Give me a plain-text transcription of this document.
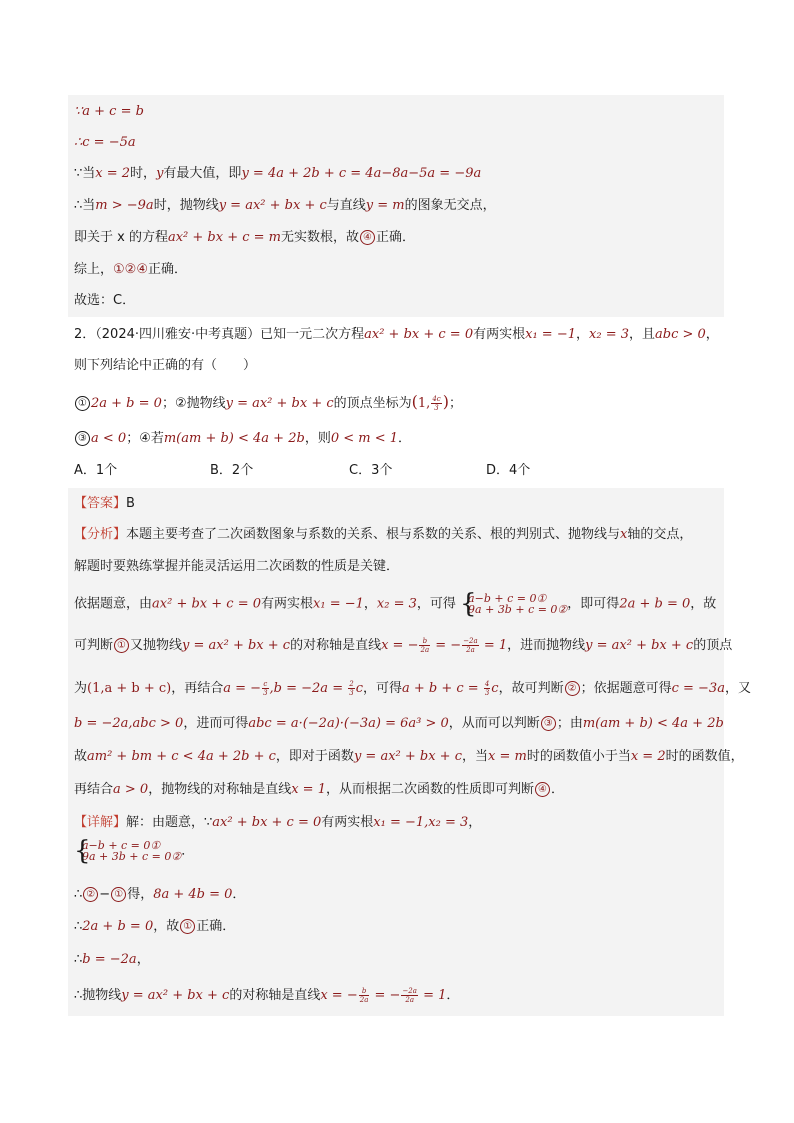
∵a + c = b
∴c = −5a
∵当x = 2时，y有最大值，即y = 4a + 2b + c = 4a−8a−5a = −9a
∴当m > −9a时，抛物线y = ax² + bx + c与直线y = m的图象无交点，
即关于 x 的方程ax² + bx + c = m无实数根，故 ④ 正确．
综上，①②④正确．
故选：C．
2．（2024·四川雅安·中考真题）已知一元二次方程ax² + bx + c = 0有两实根x₁ = −1，x₂ = 3，且abc > 0，
则下列结论中正确的有（　　）
① 2a + b = 0；②抛物线y = ax² + bx + c的顶点坐标为(1, $\frac{4c}{3}$ )；
③ a < 0；④若m(am + b) < 4a + 2b，则0 < m < 1．
A．1个	B．2个	C．3个	D．4个
【答案】B
【分析】本题主要考查了二次函数图象与系数的关系、根与系数的关系、根的判别式、抛物线与x轴的交点，
解题时要熟练掌握并能灵活运用二次函数的性质是关键．
依据题意，由ax² + bx + c = 0有两实根x₁ = −1，x₂ = 3，可得 {
a−b + c = 0①
9a + 3b + c = 0② ，即可得2a + b = 0，故
可判断 ① 又抛物线y = ax² + bx + c的对称轴是直线x = − $\frac{b}{2a}$ = − $\frac{-2a}{2a} = 1$，进而抛物线y = ax² + bx + c的顶点
为(1,a + b + c)，再结合a = − $\frac{c}{3} ,b = -2a = \frac{2}{3}$ c，可得$a + b + c = \frac{4}{3}$ c，故可判断 ② ；依据题意可得c = −3a，又
b = −2a,abc > 0，进而可得abc = a·(−2a)·(−3a) = 6a³ > 0，从而可以判断 ③ ；由m(am + b) < 4a + 2b
故am² + bm + c < 4a + 2b + c，即对于函数y = ax² + bx + c，当x = m时的函数值小于当x = 2时的函数值，
再结合a > 0，抛物线的对称轴是直线x = 1，从而根据二次函数的性质即可判断 ④ ．
【详解】解：由题意，∵ax² + bx + c = 0有两实根x₁ = −1,x₂ = 3，
{
a−b + c = 0①
9a + 3b + c = 0② ．
∴ ② − ① 得，8a + 4b = 0．
∴2a + b = 0，故 ① 正确．
∴b = −2a，
∴抛物线y = ax² + bx + c的对称轴是直线x = − $\frac{b}{2a}$ = − $\frac{-2a}{2a} = 1$．
